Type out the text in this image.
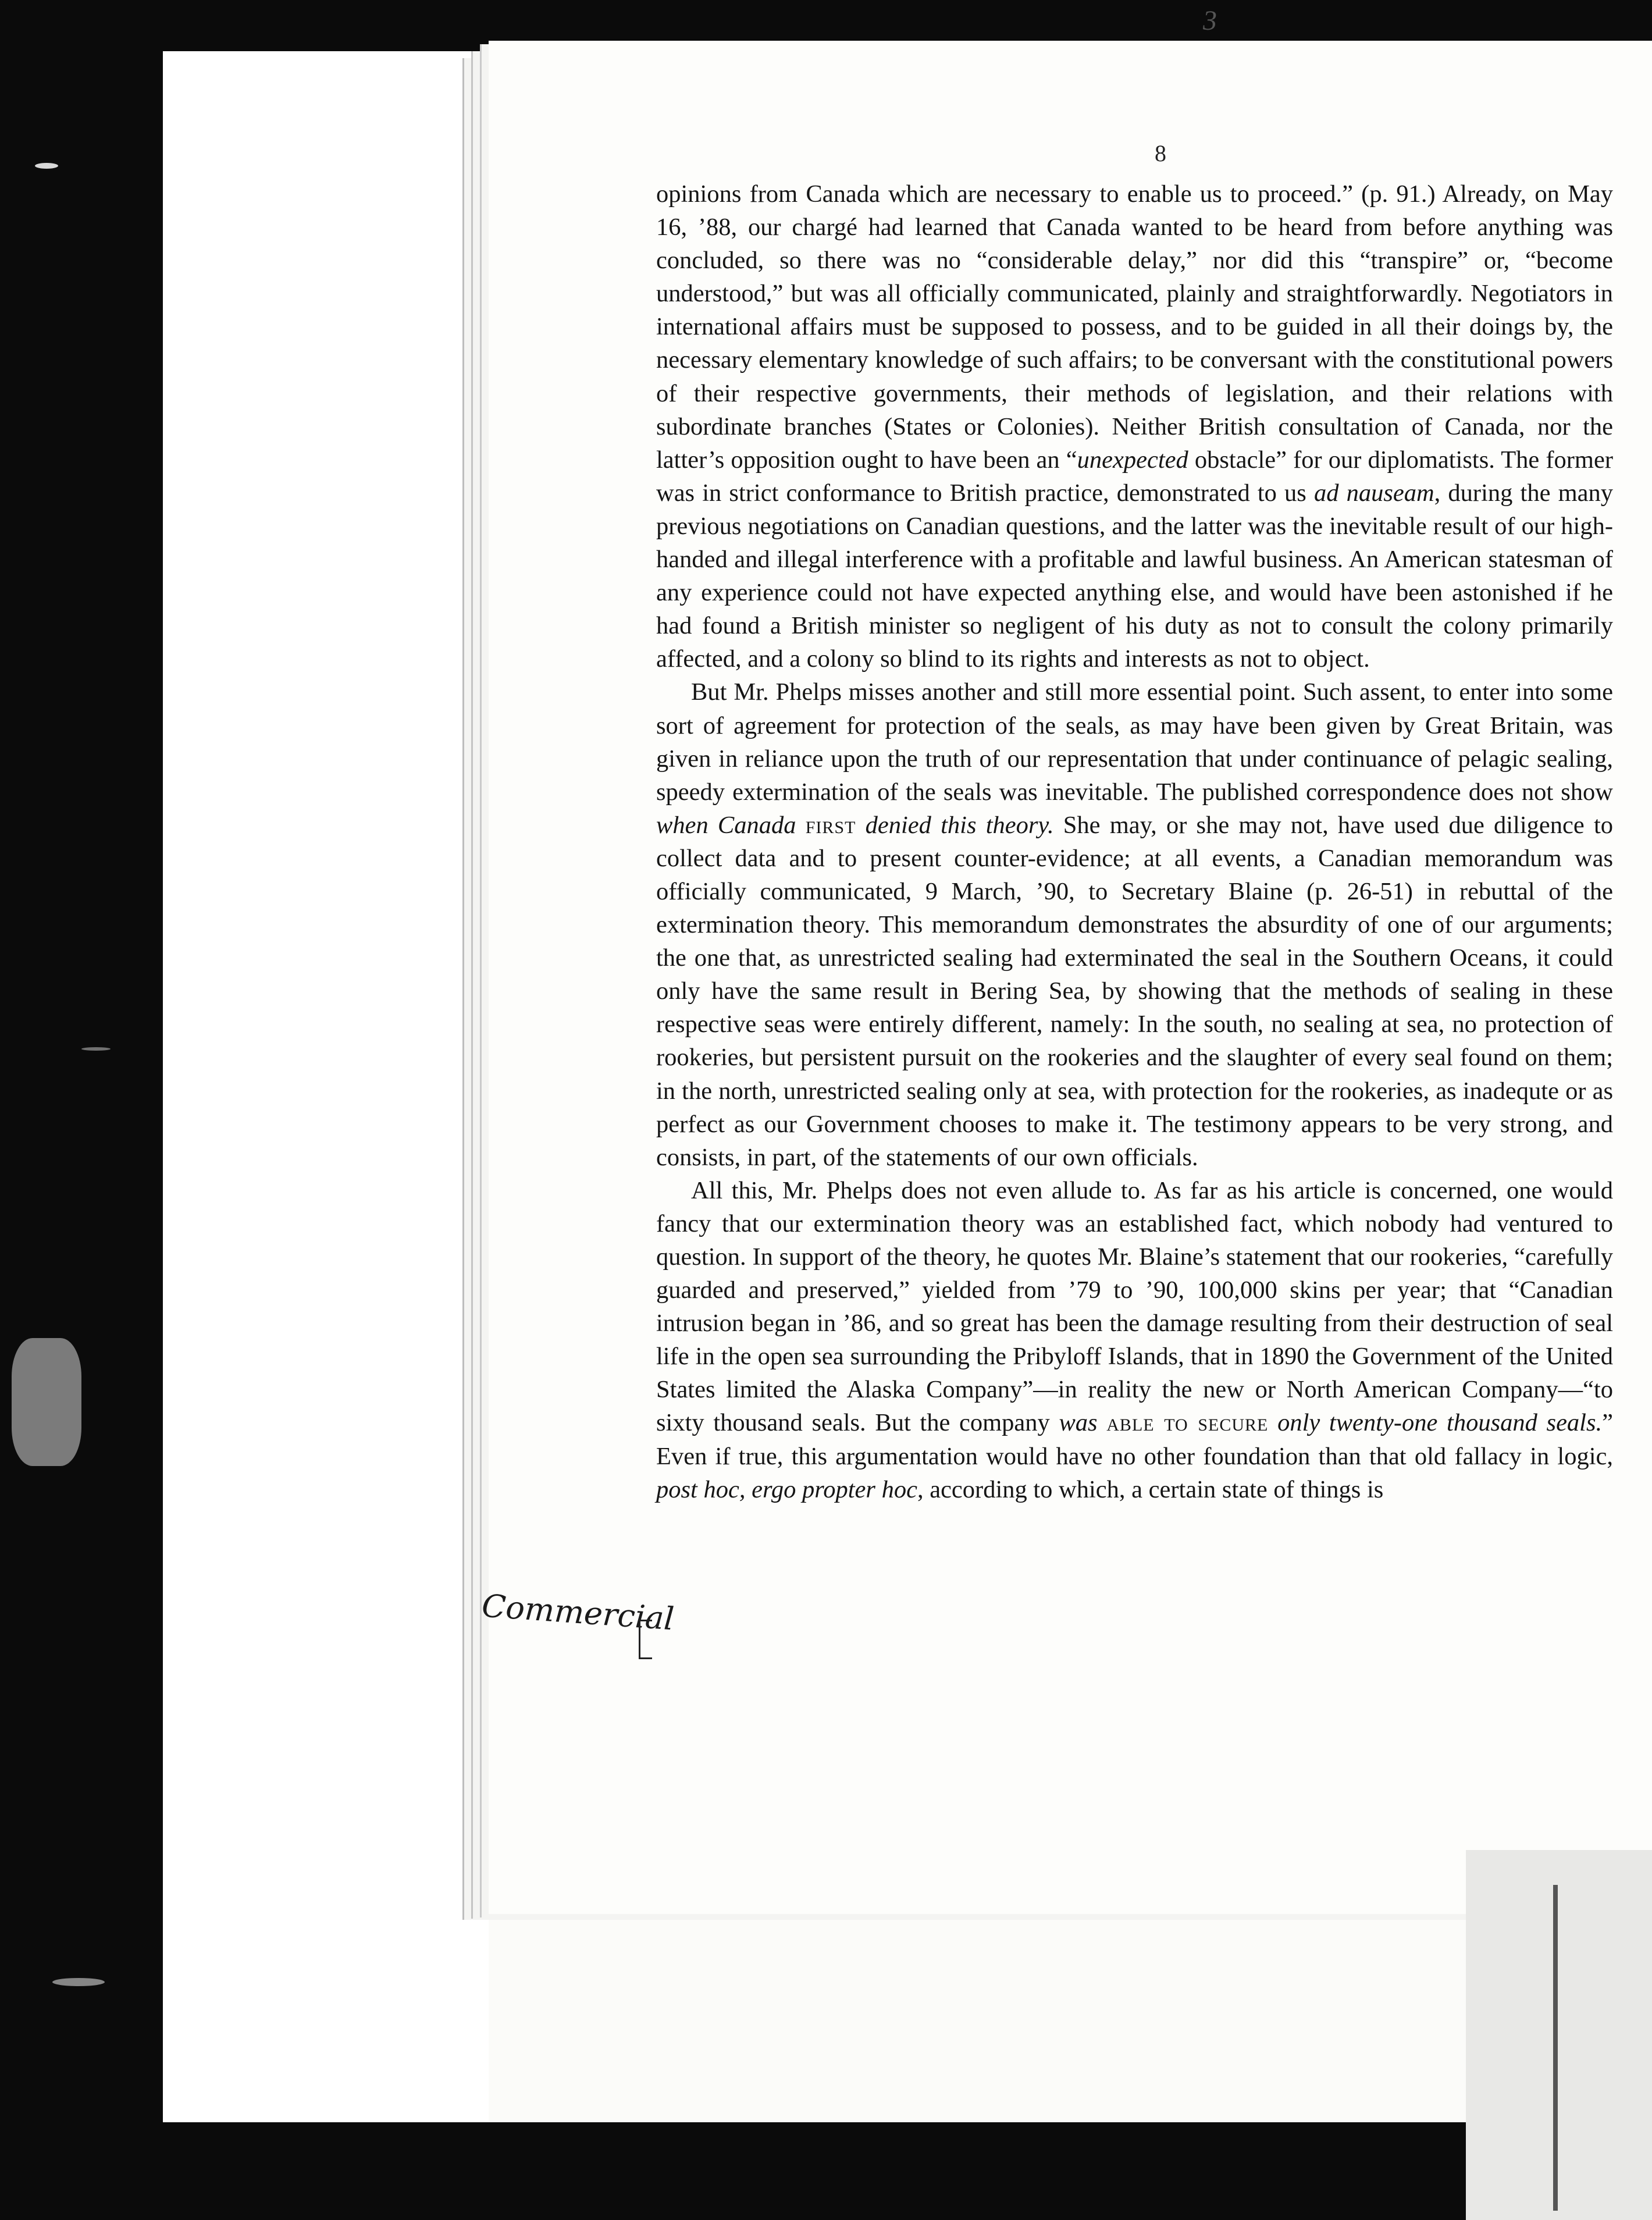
3
8

opinions from Canada which are necessary to enable us to proceed.” (p. 91.) Already, on May 16, ’88, our chargé had learned that Canada wanted to be heard from before anything was concluded, so there was no “considerable delay,” nor did this “transpire” or, “become understood,” but was all officially communicated, plainly and straightforwardly. Negotiators in international affairs must be supposed to possess, and to be guided in all their doings by, the necessary elementary knowledge of such affairs; to be conversant with the constitutional powers of their respective governments, their methods of legislation, and their relations with subordinate branches (States or Colonies). Neither British consultation of Canada, nor the latter’s opposition ought to have been an “unexpected obstacle” for our diplomatists. The former was in strict conformance to British practice, demonstrated to us ad nauseam, during the many previous negotiations on Canadian questions, and the latter was the inevitable result of our high-handed and illegal interference with a profitable and lawful business. An American statesman of any experience could not have expected anything else, and would have been astonished if he had found a British minister so negligent of his duty as not to consult the colony primarily affected, and a colony so blind to its rights and interests as not to object.

But Mr. Phelps misses another and still more essential point. Such assent, to enter into some sort of agreement for protection of the seals, as may have been given by Great Britain, was given in reliance upon the truth of our representation that under continuance of pelagic sealing, speedy extermination of the seals was inevitable. The published correspondence does not show when Canada first denied this theory. She may, or she may not, have used due diligence to collect data and to present counter-evidence; at all events, a Canadian memorandum was officially communicated, 9 March, ’90, to Secretary Blaine (p. 26-51) in rebuttal of the extermination theory. This memorandum demonstrates the absurdity of one of our arguments; the one that, as unrestricted sealing had exterminated the seal in the Southern Oceans, it could only have the same result in Bering Sea, by showing that the methods of sealing in these respective seas were entirely different, namely: In the south, no sealing at sea, no protection of rookeries, but persistent pursuit on the rookeries and the slaughter of every seal found on them; in the north, unrestricted sealing only at sea, with protection for the rookeries, as inadequte or as perfect as our Government chooses to make it. The testimony appears to be very strong, and consists, in part, of the statements of our own officials.

All this, Mr. Phelps does not even allude to. As far as his article is concerned, one would fancy that our extermination theory was an established fact, which nobody had ventured to question. In support of the theory, he quotes Mr. Blaine’s statement that our rookeries, “carefully guarded and preserved,” yielded from ’79 to ’90, 100,000 skins per year; that “Canadian intrusion began in ’86, and so great has been the damage resulting from their destruction of seal life in the open sea surrounding the Pribyloff Islands, that in 1890 the Government of the United States limited the Alaska Company”—in reality the new or North American Company—“to sixty thousand seals. But the company was able to secure only twenty-one thousand seals.” Even if true, this argumentation would have no other foundation than that old fallacy in logic, post hoc, ergo propter hoc, according to which, a certain state of things is

Commercial
